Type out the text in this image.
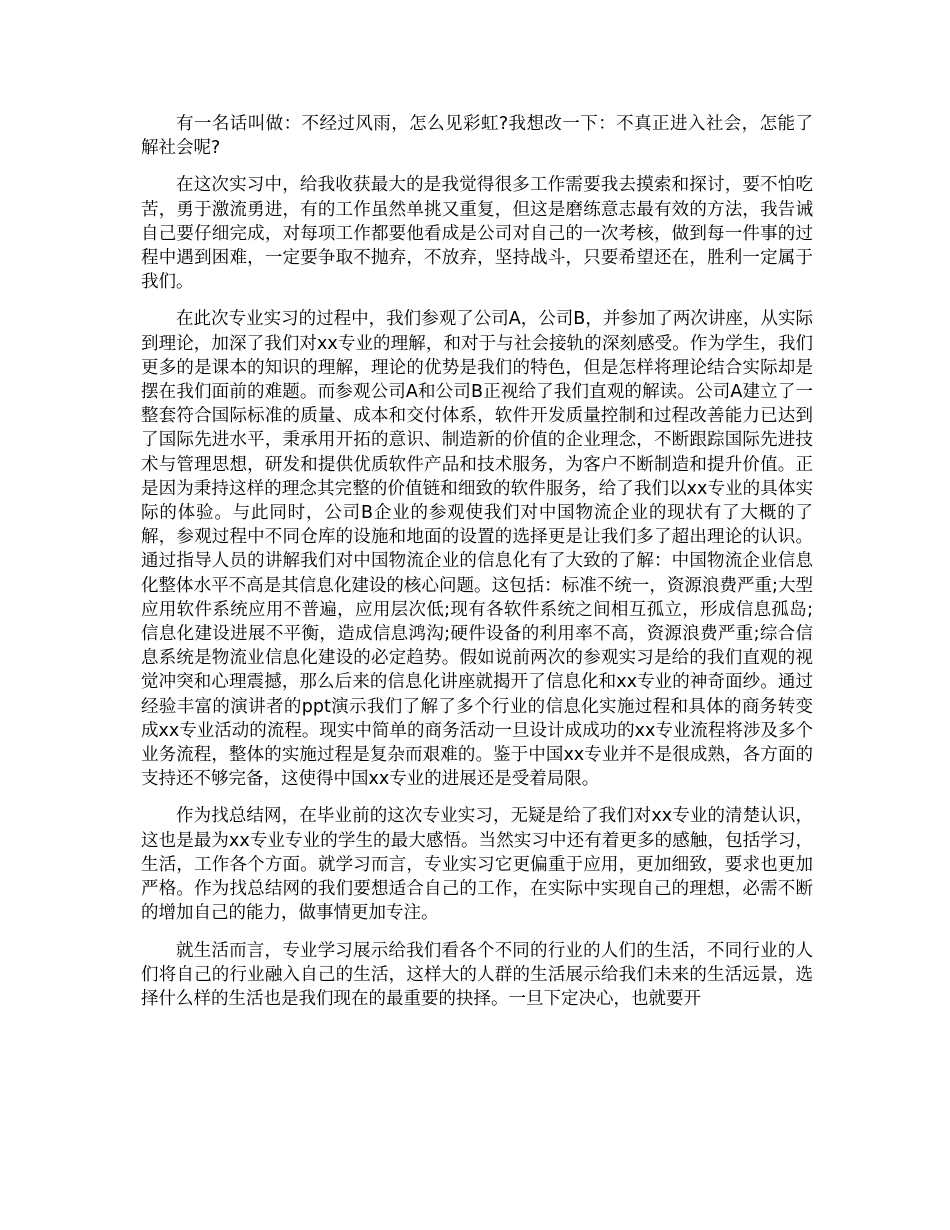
有一名话叫做：不经过风雨，怎么见彩虹?我想改一下：不真正进入社会，怎能了解社会呢?

在这次实习中，给我收获最大的是我觉得很多工作需要我去摸索和探讨，要不怕吃苦，勇于激流勇进，有的工作虽然单挑又重复，但这是磨练意志最有效的方法，我告诫自己要仔细完成，对每项工作都要他看成是公司对自己的一次考核，做到每一件事的过程中遇到困难，一定要争取不抛弃，不放弃，坚持战斗，只要希望还在，胜利一定属于我们。

在此次专业实习的过程中，我们参观了公司A，公司B，并参加了两次讲座，从实际到理论，加深了我们对xx专业的理解，和对于与社会接轨的深刻感受。作为学生，我们更多的是课本的知识的理解，理论的优势是我们的特色，但是怎样将理论结合实际却是摆在我们面前的难题。而参观公司A和公司B正视给了我们直观的解读。公司A建立了一整套符合国际标准的质量、成本和交付体系，软件开发质量控制和过程改善能力已达到了国际先进水平，秉承用开拓的意识、制造新的价值的企业理念，不断跟踪国际先进技术与管理思想，研发和提供优质软件产品和技术服务，为客户不断制造和提升价值。正是因为秉持这样的理念其完整的价值链和细致的软件服务，给了我们以xx专业的具体实际的体验。与此同时，公司B企业的参观使我们对中国物流企业的现状有了大概的了解，参观过程中不同仓库的设施和地面的设置的选择更是让我们多了超出理论的认识。通过指导人员的讲解我们对中国物流企业的信息化有了大致的了解：中国物流企业信息化整体水平不高是其信息化建设的核心问题。这包括：标准不统一，资源浪费严重;大型应用软件系统应用不普遍，应用层次低;现有各软件系统之间相互孤立，形成信息孤岛;信息化建设进展不平衡，造成信息鸿沟;硬件设备的利用率不高，资源浪费严重;综合信息系统是物流业信息化建设的必定趋势。假如说前两次的参观实习是给的我们直观的视觉冲突和心理震撼，那么后来的信息化讲座就揭开了信息化和xx专业的神奇面纱。通过经验丰富的演讲者的ppt演示我们了解了多个行业的信息化实施过程和具体的商务转变成xx专业活动的流程。现实中简单的商务活动一旦设计成成功的xx专业流程将涉及多个业务流程，整体的实施过程是复杂而艰难的。鉴于中国xx专业并不是很成熟，各方面的支持还不够完备，这使得中国xx专业的进展还是受着局限。

作为找总结网，在毕业前的这次专业实习，无疑是给了我们对xx专业的清楚认识，这也是最为xx专业专业的学生的最大感悟。当然实习中还有着更多的感触，包括学习，生活，工作各个方面。就学习而言，专业实习它更偏重于应用，更加细致，要求也更加严格。作为找总结网的我们要想适合自己的工作，在实际中实现自己的理想，必需不断的增加自己的能力，做事情更加专注。

就生活而言，专业学习展示给我们看各个不同的行业的人们的生活，不同行业的人们将自己的行业融入自己的生活，这样大的人群的生活展示给我们未来的生活远景，选择什么样的生活也是我们现在的最重要的抉择。一旦下定决心，也就要开
